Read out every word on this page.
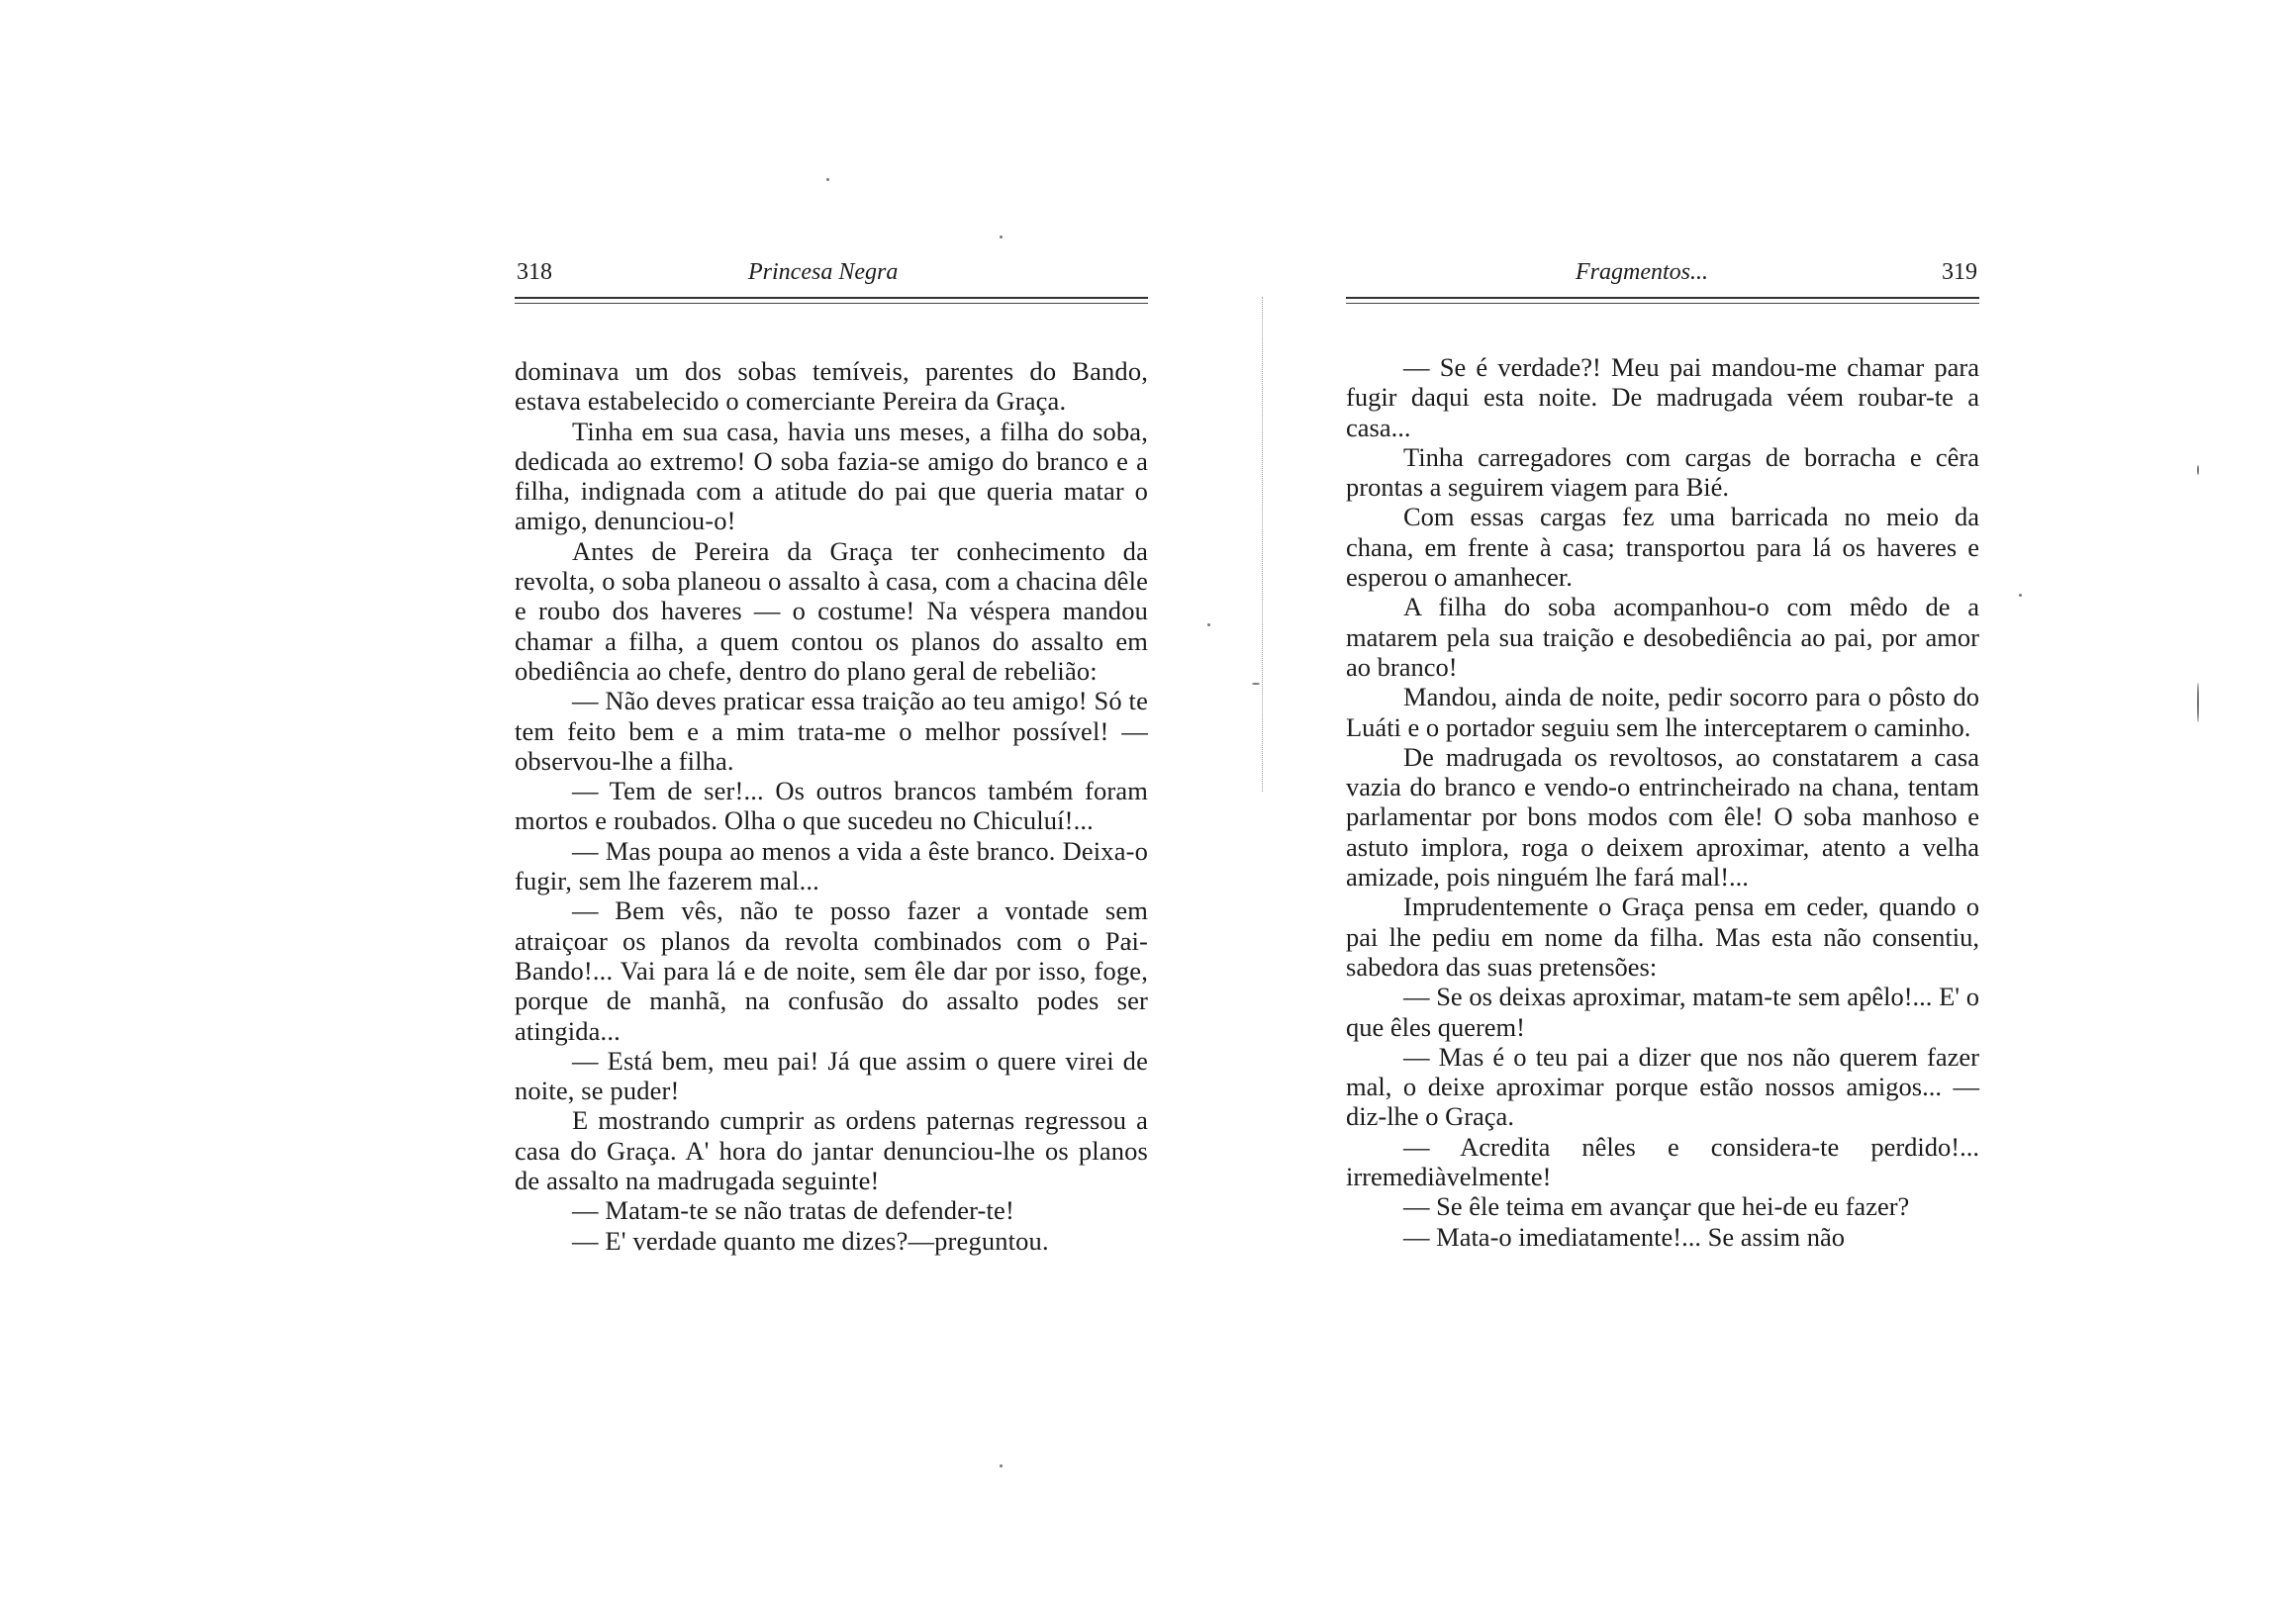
318	Princesa Negra

dominava um dos sobas temíveis, parentes do Bando, estava estabelecido o comerciante Pereira da Graça.

Tinha em sua casa, havia uns meses, a filha do soba, dedicada ao extremo! O soba fazia-se amigo do branco e a filha, indignada com a atitude do pai que queria matar o amigo, denunciou-o!

Antes de Pereira da Graça ter conhecimento da revolta, o soba planeou o assalto à casa, com a chacina dêle e roubo dos haveres — o costume! Na véspera mandou chamar a filha, a quem contou os planos do assalto em obediência ao chefe, dentro do plano geral de rebelião:

— Não deves praticar essa traição ao teu amigo! Só te tem feito bem e a mim trata-me o melhor possível! — observou-lhe a filha.

— Tem de ser!... Os outros brancos também foram mortos e roubados. Olha o que sucedeu no Chiculuí!...

— Mas poupa ao menos a vida a êste branco. Deixa-o fugir, sem lhe fazerem mal...

— Bem vês, não te posso fazer a vontade sem atraiçoar os planos da revolta combinados com o Pai-Bando!... Vai para lá e de noite, sem êle dar por isso, foge, porque de manhã, na confusão do assalto podes ser atingida...

— Está bem, meu pai! Já que assim o quere virei de noite, se puder!

E mostrando cumprir as ordens paternas regressou a casa do Graça. A' hora do jantar denunciou-lhe os planos de assalto na madrugada seguinte!

— Matam-te se não tratas de defender-te!

— E' verdade quanto me dizes?—preguntou.

Fragmentos...	319

— Se é verdade?! Meu pai mandou-me chamar para fugir daqui esta noite. De madrugada véem roubar-te a casa...

Tinha carregadores com cargas de borracha e cêra prontas a seguirem viagem para Bié.

Com essas cargas fez uma barricada no meio da chana, em frente à casa; transportou para lá os haveres e esperou o amanhecer.

A filha do soba acompanhou-o com mêdo de a matarem pela sua traição e desobediência ao pai, por amor ao branco!

Mandou, ainda de noite, pedir socorro para o pôsto do Luáti e o portador seguiu sem lhe interceptarem o caminho.

De madrugada os revoltosos, ao constatarem a casa vazia do branco e vendo-o entrincheirado na chana, tentam parlamentar por bons modos com êle! O soba manhoso e astuto implora, roga o deixem aproximar, atento a velha amizade, pois ninguém lhe fará mal!...

Imprudentemente o Graça pensa em ceder, quando o pai lhe pediu em nome da filha. Mas esta não consentiu, sabedora das suas pretensões:

— Se os deixas aproximar, matam-te sem apêlo!... E' o que êles querem!

— Mas é o teu pai a dizer que nos não querem fazer mal, o deixe aproximar porque estão nossos amigos... — diz-lhe o Graça.

— Acredita nêles e considera-te perdido!... irremediàvelmente!

— Se êle teima em avançar que hei-de eu fazer?

— Mata-o imediatamente!... Se assim não
